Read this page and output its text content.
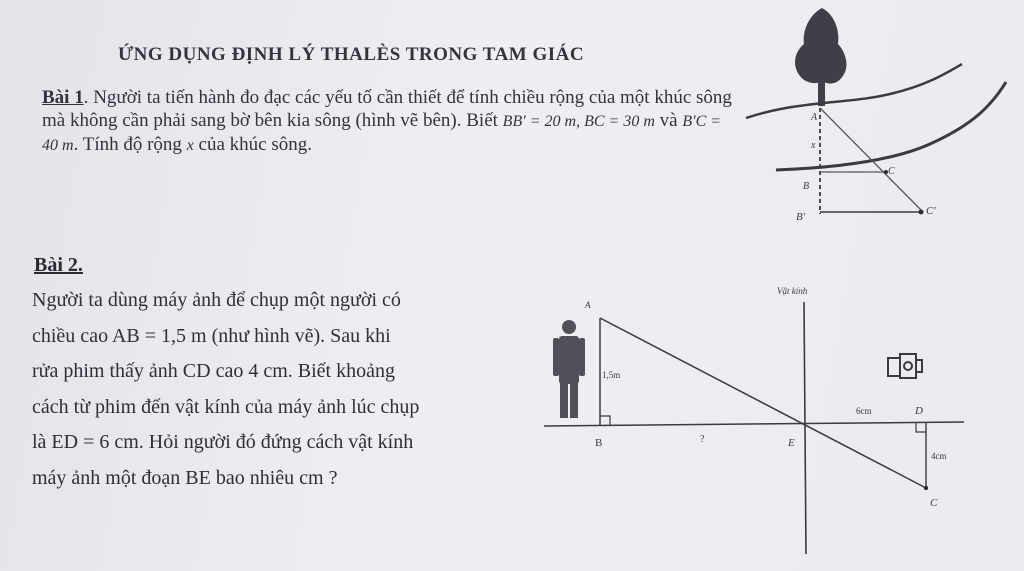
ỨNG DỤNG ĐỊNH LÝ THALÈS TRONG TAM GIÁC
Bài 1. Người ta tiến hành đo đạc các yếu tố cần thiết để tính chiều rộng của một khúc sông mà không cần phải sang bờ bên kia sông (hình vẽ bên). Biết BB′ = 20 m, BC = 30 m và B′C = 40 m. Tính độ rộng x của khúc sông.
Bài 2.
Người ta dùng máy ảnh để chụp một người có
chiều cao AB = 1,5 m (như hình vẽ). Sau khi
rửa phim thấy ảnh CD cao 4 cm. Biết khoảng
cách từ phim đến vật kính của máy ảnh lúc chụp
là ED = 6 cm. Hỏi người đó đứng cách vật kính
máy ảnh một đoạn BE bao nhiêu cm ?
A
x
B
B′
C
C′
Vật kính
A
1,5m
B	?	E
6cm	D
4cm
C
